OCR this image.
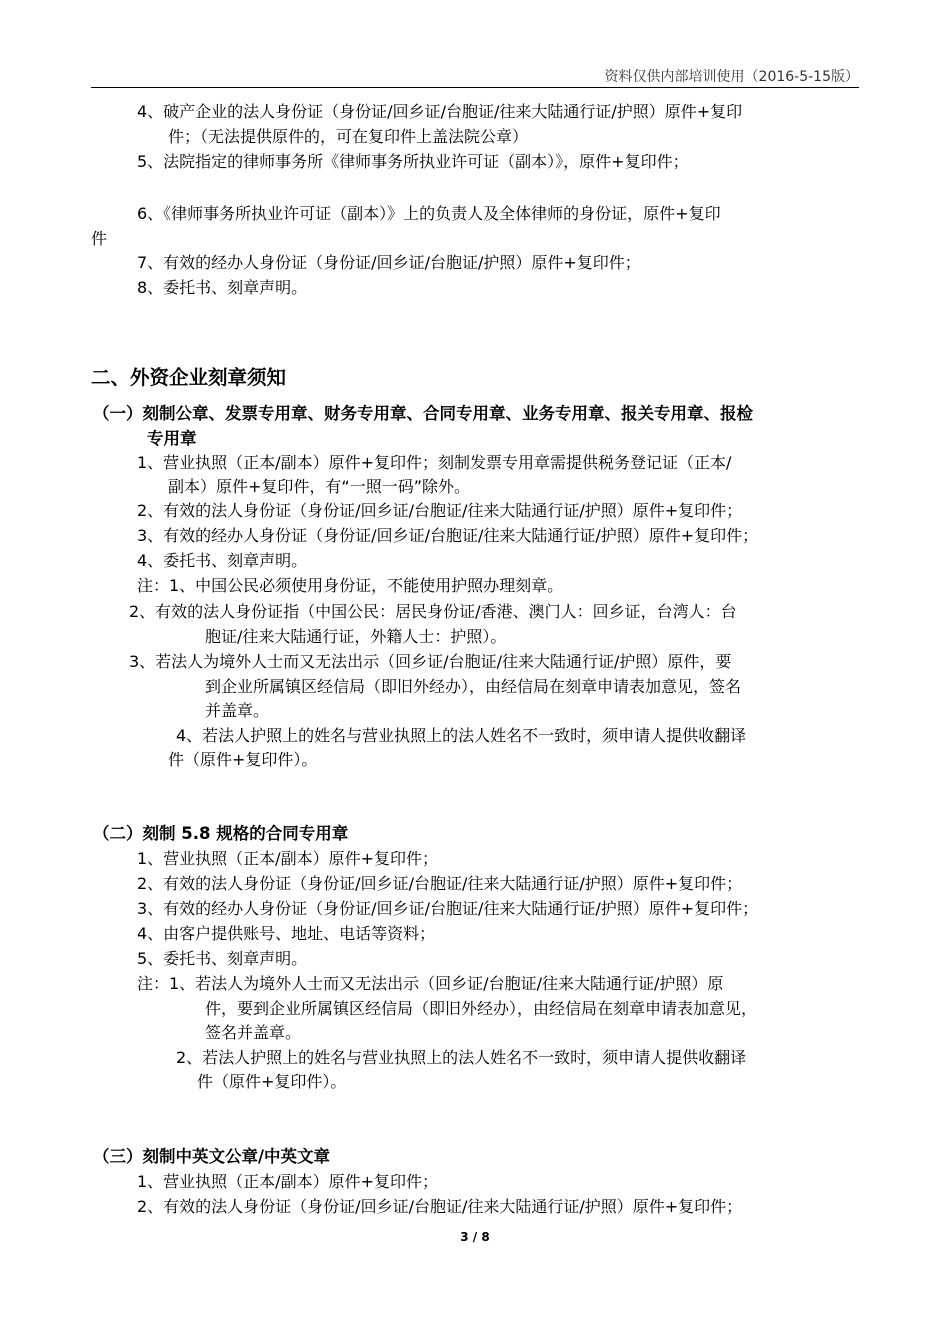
资料仅供内部培训使用（2016-5-15版）
4、破产企业的法人身份证（身份证/回乡证/台胞证/往来大陆通行证/护照）原件+复印
件；（无法提供原件的，可在复印件上盖法院公章）
5、法院指定的律师事务所《律师事务所执业许可证（副本）》，原件+复印件；
6、《律师事务所执业许可证（副本）》上的负责人及全体律师的身份证，原件+复印
件
7、有效的经办人身份证（身份证/回乡证/台胞证/护照）原件+复印件；
8、委托书、刻章声明。
二、外资企业刻章须知
（一）刻制公章、发票专用章、财务专用章、合同专用章、业务专用章、报关专用章、报检
专用章
1、营业执照（正本/副本）原件+复印件；刻制发票专用章需提供税务登记证（正本/
副本）原件+复印件，有“一照一码”除外。
2、有效的法人身份证（身份证/回乡证/台胞证/往来大陆通行证/护照）原件+复印件；
3、有效的经办人身份证（身份证/回乡证/台胞证/往来大陆通行证/护照）原件+复印件；
4、委托书、刻章声明。
注：1、中国公民必须使用身份证，不能使用护照办理刻章。
2、有效的法人身份证指（中国公民：居民身份证/香港、澳门人：回乡证，台湾人：台
胞证/往来大陆通行证，外籍人士：护照）。
3、若法人为境外人士而又无法出示（回乡证/台胞证/往来大陆通行证/护照）原件，要
到企业所属镇区经信局（即旧外经办），由经信局在刻章申请表加意见，签名
并盖章。
4、若法人护照上的姓名与营业执照上的法人姓名不一致时，须申请人提供收翻译
件（原件+复印件）。
（二）刻制 5.8 规格的合同专用章
1、营业执照（正本/副本）原件+复印件；
2、有效的法人身份证（身份证/回乡证/台胞证/往来大陆通行证/护照）原件+复印件；
3、有效的经办人身份证（身份证/回乡证/台胞证/往来大陆通行证/护照）原件+复印件；
4、由客户提供账号、地址、电话等资料；
5、委托书、刻章声明。
注：1、若法人为境外人士而又无法出示（回乡证/台胞证/往来大陆通行证/护照）原
件，要到企业所属镇区经信局（即旧外经办），由经信局在刻章申请表加意见，
签名并盖章。
2、若法人护照上的姓名与营业执照上的法人姓名不一致时，须申请人提供收翻译
件（原件+复印件）。
（三）刻制中英文公章/中英文章
1、营业执照（正本/副本）原件+复印件；
2、有效的法人身份证（身份证/回乡证/台胞证/往来大陆通行证/护照）原件+复印件；
3 / 8
